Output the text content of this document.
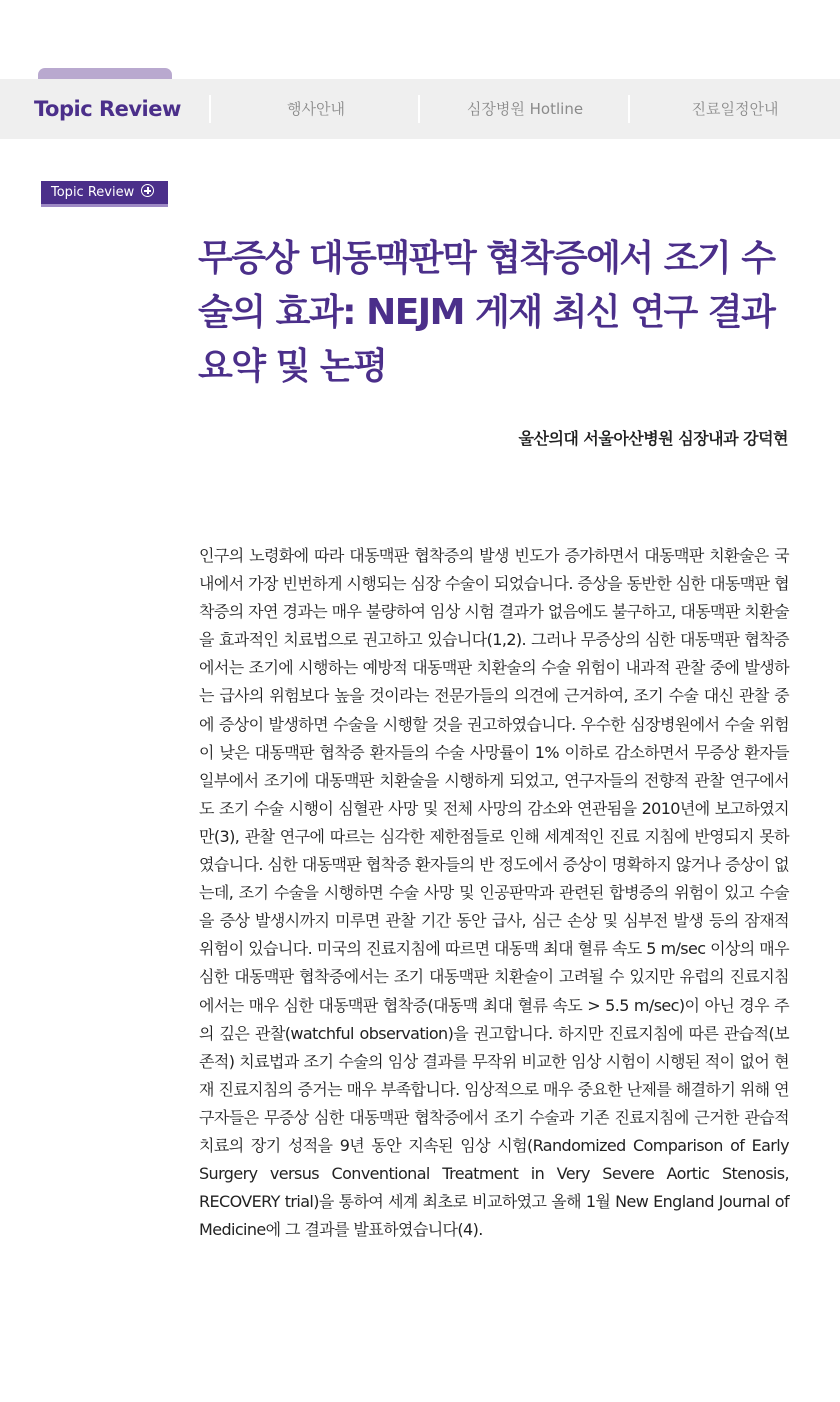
Topic Review	행사안내	심장병원 Hotline	진료일정안내
Topic Review
무증상 대동맥판막 협착증에서 조기 수술의 효과: NEJM 게재 최신 연구 결과 요약 및 논평
울산의대 서울아산병원 심장내과 강덕현

인구의 노령화에 따라 대동맥판 협착증의 발생 빈도가 증가하면서 대동맥판 치환술은 국내에서 가장 빈번하게 시행되는 심장 수술이 되었습니다. 증상을 동반한 심한 대동맥판 협착증의 자연 경과는 매우 불량하여 임상 시험 결과가 없음에도 불구하고, 대동맥판 치환술을 효과적인 치료법으로 권고하고 있습니다(1,2). 그러나 무증상의 심한 대동맥판 협착증에서는 조기에 시행하는 예방적 대동맥판 치환술의 수술 위험이 내과적 관찰 중에 발생하는 급사의 위험보다 높을 것이라는 전문가들의 의견에 근거하여, 조기 수술 대신 관찰 중에 증상이 발생하면 수술을 시행할 것을 권고하였습니다. 우수한 심장병원에서 수술 위험이 낮은 대동맥판 협착증 환자들의 수술 사망률이 1% 이하로 감소하면서 무증상 환자들 일부에서 조기에 대동맥판 치환술을 시행하게 되었고, 연구자들의 전향적 관찰 연구에서도 조기 수술 시행이 심혈관 사망 및 전체 사망의 감소와 연관됨을 2010년에 보고하였지만(3), 관찰 연구에 따르는 심각한 제한점들로 인해 세계적인 진료 지침에 반영되지 못하였습니다. 심한 대동맥판 협착증 환자들의 반 정도에서 증상이 명확하지 않거나 증상이 없는데, 조기 수술을 시행하면 수술 사망 및 인공판막과 관련된 합병증의 위험이 있고 수술을 증상 발생시까지 미루면 관찰 기간 동안 급사, 심근 손상 및 심부전 발생 등의 잠재적 위험이 있습니다. 미국의 진료지침에 따르면 대동맥 최대 혈류 속도 5 m/sec 이상의 매우 심한 대동맥판 협착증에서는 조기 대동맥판 치환술이 고려될 수 있지만 유럽의 진료지침에서는 매우 심한 대동맥판 협착증(대동맥 최대 혈류 속도 > 5.5 m/sec)이 아닌 경우 주의 깊은 관찰(watchful observation)을 권고합니다. 하지만 진료지침에 따른 관습적(보존적) 치료법과 조기 수술의 임상 결과를 무작위 비교한 임상 시험이 시행된 적이 없어 현재 진료지침의 증거는 매우 부족합니다. 임상적으로 매우 중요한 난제를 해결하기 위해 연구자들은 무증상 심한 대동맥판 협착증에서 조기 수술과 기존 진료지침에 근거한 관습적 치료의 장기 성적을 9년 동안 지속된 임상 시험(Randomized Comparison of Early Surgery versus Conventional Treatment in Very Severe Aortic Stenosis, RECOVERY trial)을 통하여 세계 최초로 비교하였고 올해 1월 New England Journal of Medicine에 그 결과를 발표하였습니다(4).
